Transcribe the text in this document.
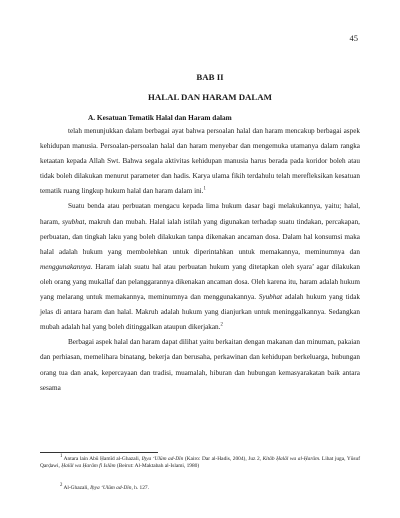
45
BAB II
HALAL DAN HARAM DALAM
A. Kesatuan Tematik Halal dan Haram dalam

telah menunjukkan dalam berbagai ayat bahwa persoalan halal dan haram mencakup berbagai aspek kehidupan manusia. Persoalan-persoalan halal dan haram menyebar dan mengemuka utamanya dalam rangka ketaatan kepada Allah Swt. Bahwa segala aktivitas kehidupan manusia harus berada pada koridor boleh atau tidak boleh dilakukan menurut parameter dan hadis. Karya ulama fikih terdahulu telah merefleksikan kesatuan tematik ruang lingkup hukum halal dan haram dalam ini.$^1$

Suatu benda atau perbuatan mengacu kepada lima hukum dasar bagi melakukannya, yaitu; halal, haram, syubhat, makruh dan mubah. Halal ialah istilah yang digunakan terhadap suatu tindakan, percakapan, perbuatan, dan tingkah laku yang boleh dilakukan tanpa dikenakan ancaman dosa. Dalam hal konsumsi maka halal adalah hukum yang membolehkan untuk diperintahkan untuk memakannya, meminumnya dan menggunakannya. Haram ialah suatu hal atau perbuatan hukum yang ditetapkan oleh syara’ agar dilakukan oleh orang yang mukallaf dan pelanggarannya dikenakan ancaman dosa. Oleh karena itu, haram adalah hukum yang melarang untuk memakannya, meminumnya dan menggunakannya. Syubhat adalah hukum yang tidak jelas di antara haram dan halal. Makruh adalah hukum yang dianjurkan untuk meninggalkannya. Sedangkan mubah adalah hal yang boleh ditinggalkan ataupun dikerjakan.$^2$

Berbagai aspek halal dan haram dapat dilihat yaitu berkaitan dengan makanan dan minuman, pakaian dan perhiasan, memelihara binatang, bekerja dan berusaha, perkawinan dan kehidupan berkeluarga, hubungan orang tua dan anak, kepercayaan dan tradisi, muamalah, hiburan dan hubungan kemasyarakatan baik antara sesama

$^1$ Antara lain Abū Ḥamīd al-Ghazali, Iḥya ‘Ulūm ad-Dīn (Kairo: Dar al-Hadis, 2004), Juz 2, Kitāb Ḥalāl wa al-Ḥarām. Lihat juga, Yūsuf Qarḍawi, Ḥalāl wa Ḥarām fi Islām (Beirut: Al-Maktabah al-Islami, 1980)
$^2$ Al-Ghazali, Iḥya ‘Ulūm ad-Dīn, h. 127.
